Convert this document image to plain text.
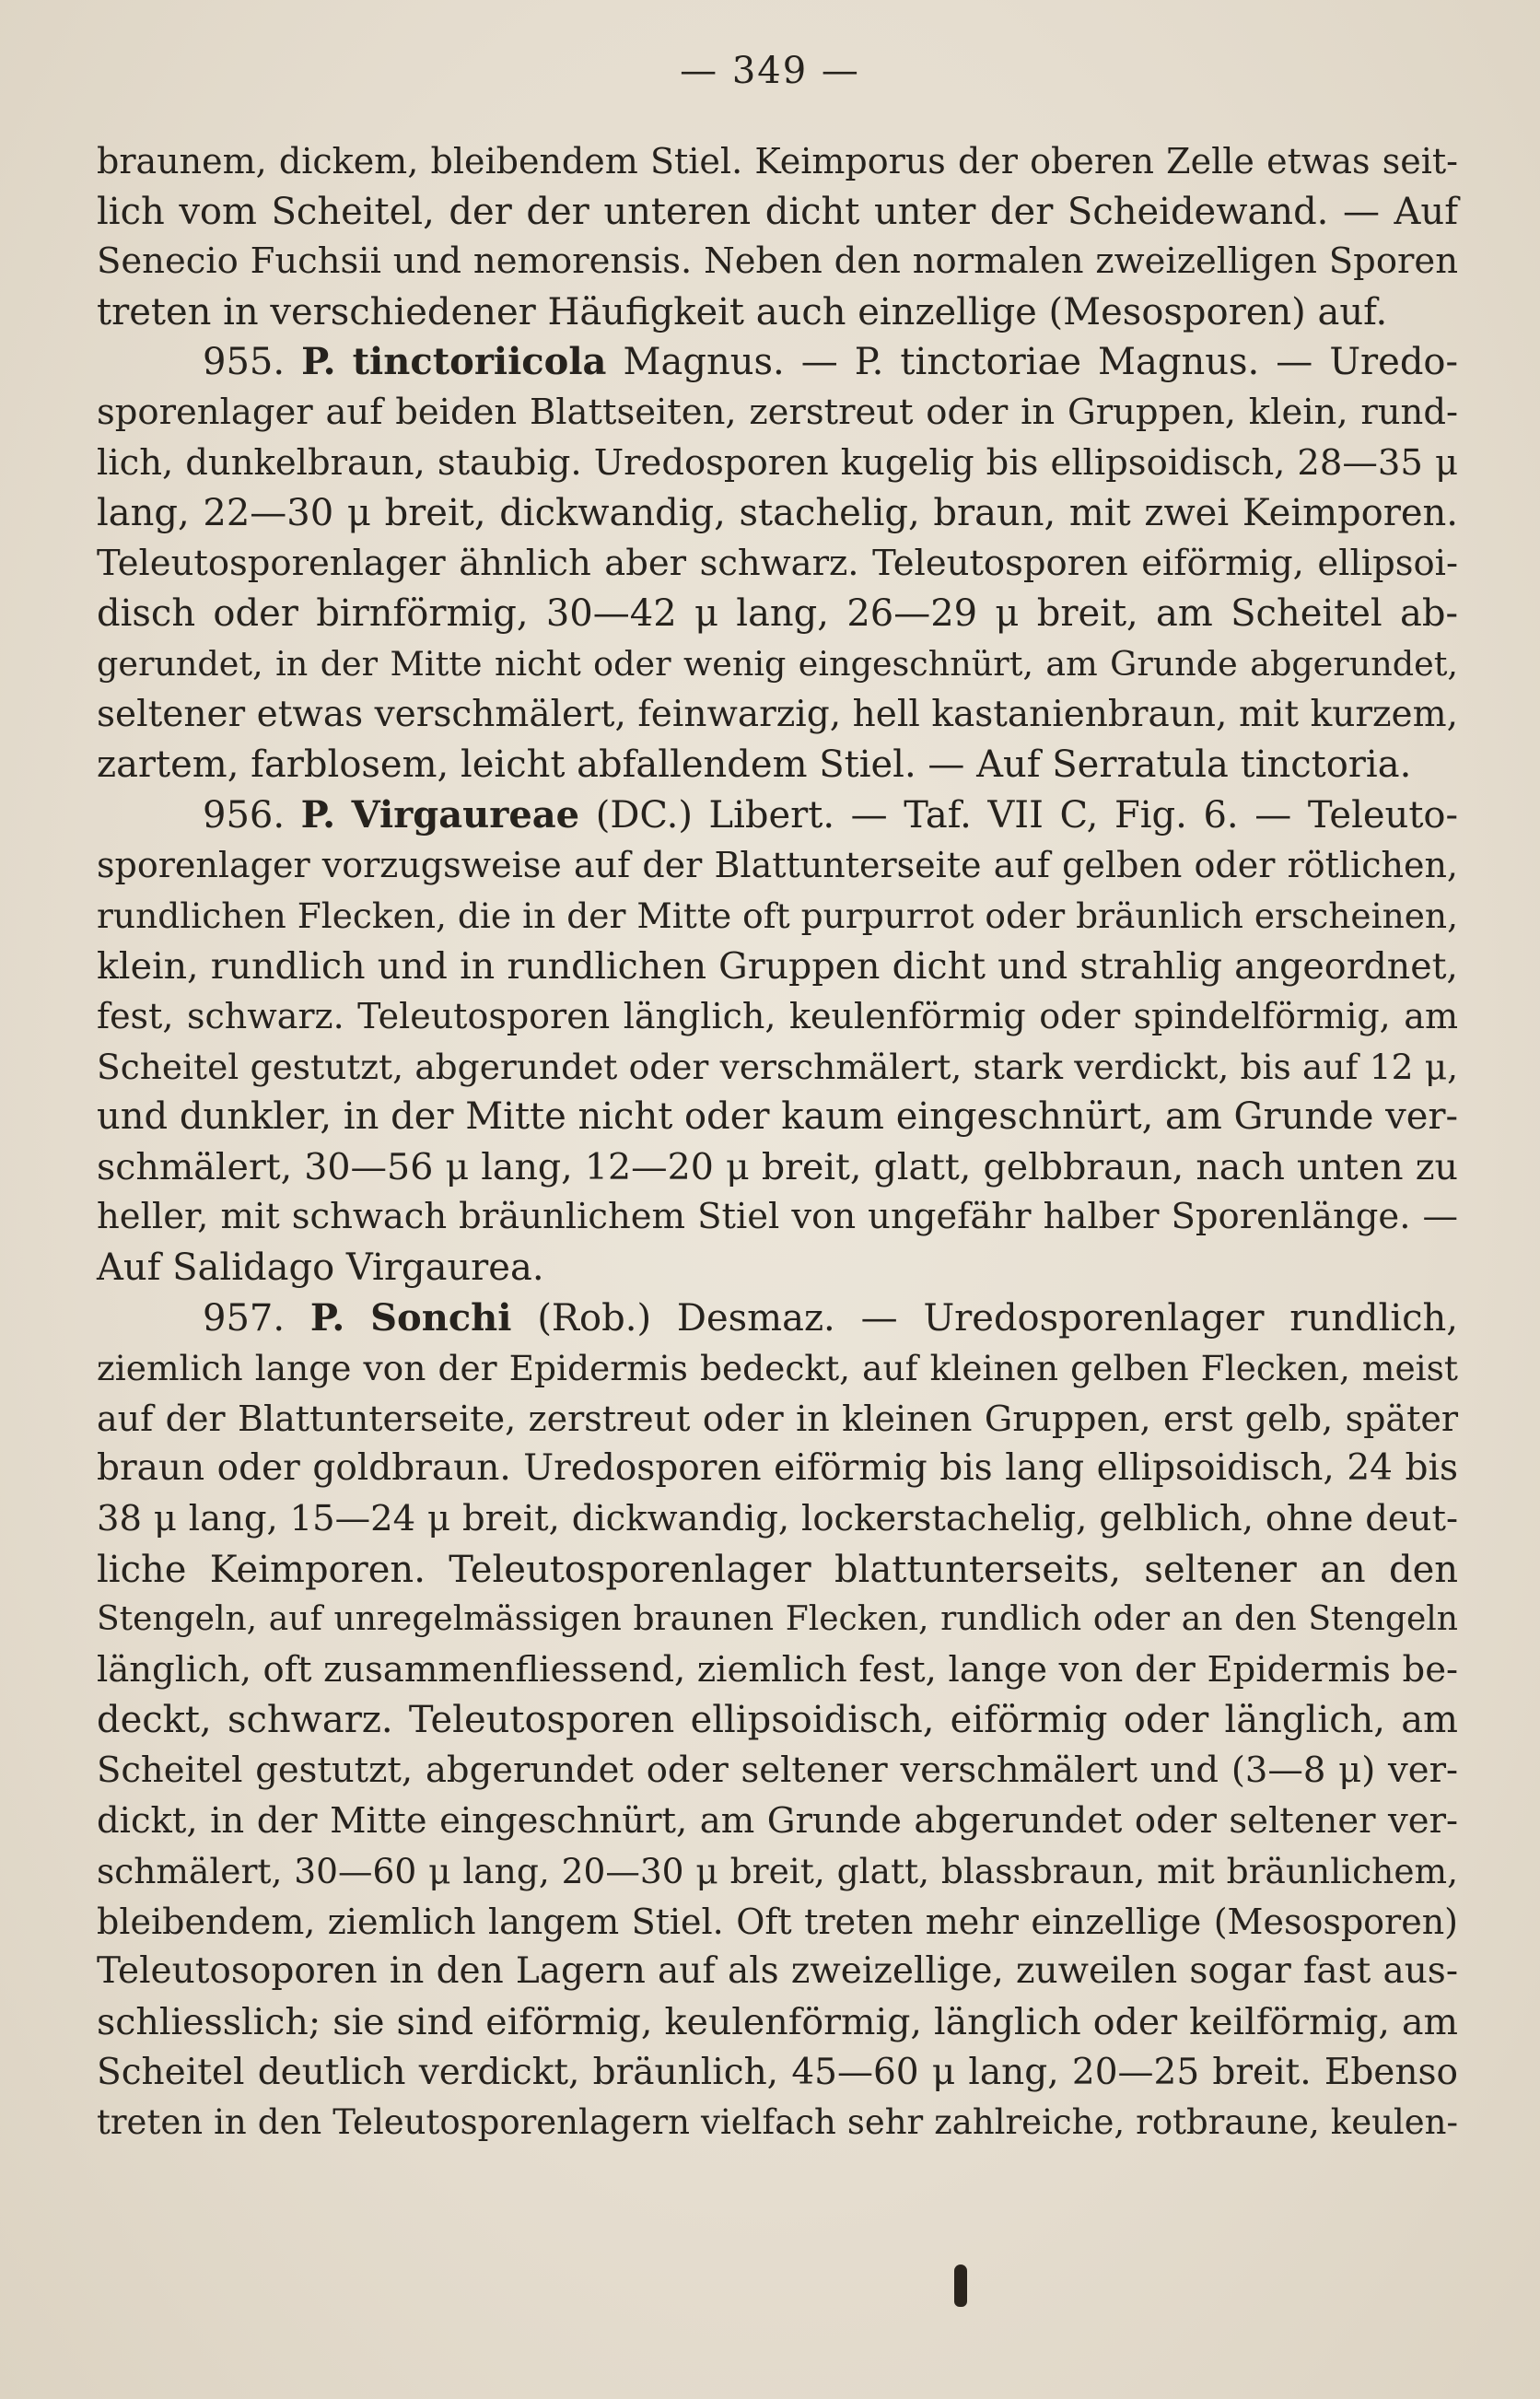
— 349 —
braunem, dickem, bleibendem Stiel. Keimporus der oberen Zelle etwas seit-
lich vom Scheitel, der der unteren dicht unter der Scheidewand. — Auf
Senecio Fuchsii und nemorensis. Neben den normalen zweizelligen Sporen
treten in verschiedener Häufigkeit auch einzellige (Mesosporen) auf.
955. P. tinctoriicola Magnus. — P. tinctoriae Magnus. — Uredo-
sporenlager auf beiden Blattseiten, zerstreut oder in Gruppen, klein, rund-
lich, dunkelbraun, staubig. Uredosporen kugelig bis ellipsoidisch, 28—35 μ
lang, 22—30 μ breit, dickwandig, stachelig, braun, mit zwei Keimporen.
Teleutosporenlager ähnlich aber schwarz. Teleutosporen eiförmig, ellipsoi-
disch oder birnförmig, 30—42 μ lang, 26—29 μ breit, am Scheitel ab-
gerundet, in der Mitte nicht oder wenig eingeschnürt, am Grunde abgerundet,
seltener etwas verschmälert, feinwarzig, hell kastanienbraun, mit kurzem,
zartem, farblosem, leicht abfallendem Stiel. — Auf Serratula tinctoria.
956. P. Virgaureae (DC.) Libert. — Taf. VII C, Fig. 6. — Teleuto-
sporenlager vorzugsweise auf der Blattunterseite auf gelben oder rötlichen,
rundlichen Flecken, die in der Mitte oft purpurrot oder bräunlich erscheinen,
klein, rundlich und in rundlichen Gruppen dicht und strahlig angeordnet,
fest, schwarz. Teleutosporen länglich, keulenförmig oder spindelförmig, am
Scheitel gestutzt, abgerundet oder verschmälert, stark verdickt, bis auf 12 μ,
und dunkler, in der Mitte nicht oder kaum eingeschnürt, am Grunde ver-
schmälert, 30—56 μ lang, 12—20 μ breit, glatt, gelbbraun, nach unten zu
heller, mit schwach bräunlichem Stiel von ungefähr halber Sporenlänge. —
Auf Salidago Virgaurea.
957. P. Sonchi (Rob.) Desmaz. — Uredosporenlager rundlich,
ziemlich lange von der Epidermis bedeckt, auf kleinen gelben Flecken, meist
auf der Blattunterseite, zerstreut oder in kleinen Gruppen, erst gelb, später
braun oder goldbraun. Uredosporen eiförmig bis lang ellipsoidisch, 24 bis
38 μ lang, 15—24 μ breit, dickwandig, lockerstachelig, gelblich, ohne deut-
liche Keimporen. Teleutosporenlager blattunterseits, seltener an den
Stengeln, auf unregelmässigen braunen Flecken, rundlich oder an den Stengeln
länglich, oft zusammenfliessend, ziemlich fest, lange von der Epidermis be-
deckt, schwarz. Teleutosporen ellipsoidisch, eiförmig oder länglich, am
Scheitel gestutzt, abgerundet oder seltener verschmälert und (3—8 μ) ver-
dickt, in der Mitte eingeschnürt, am Grunde abgerundet oder seltener ver-
schmälert, 30—60 μ lang, 20—30 μ breit, glatt, blassbraun, mit bräunlichem,
bleibendem, ziemlich langem Stiel. Oft treten mehr einzellige (Mesosporen)
Teleutosoporen in den Lagern auf als zweizellige, zuweilen sogar fast aus-
schliesslich; sie sind eiförmig, keulenförmig, länglich oder keilförmig, am
Scheitel deutlich verdickt, bräunlich, 45—60 μ lang, 20—25 breit. Ebenso
treten in den Teleutosporenlagern vielfach sehr zahlreiche, rotbraune, keulen-
